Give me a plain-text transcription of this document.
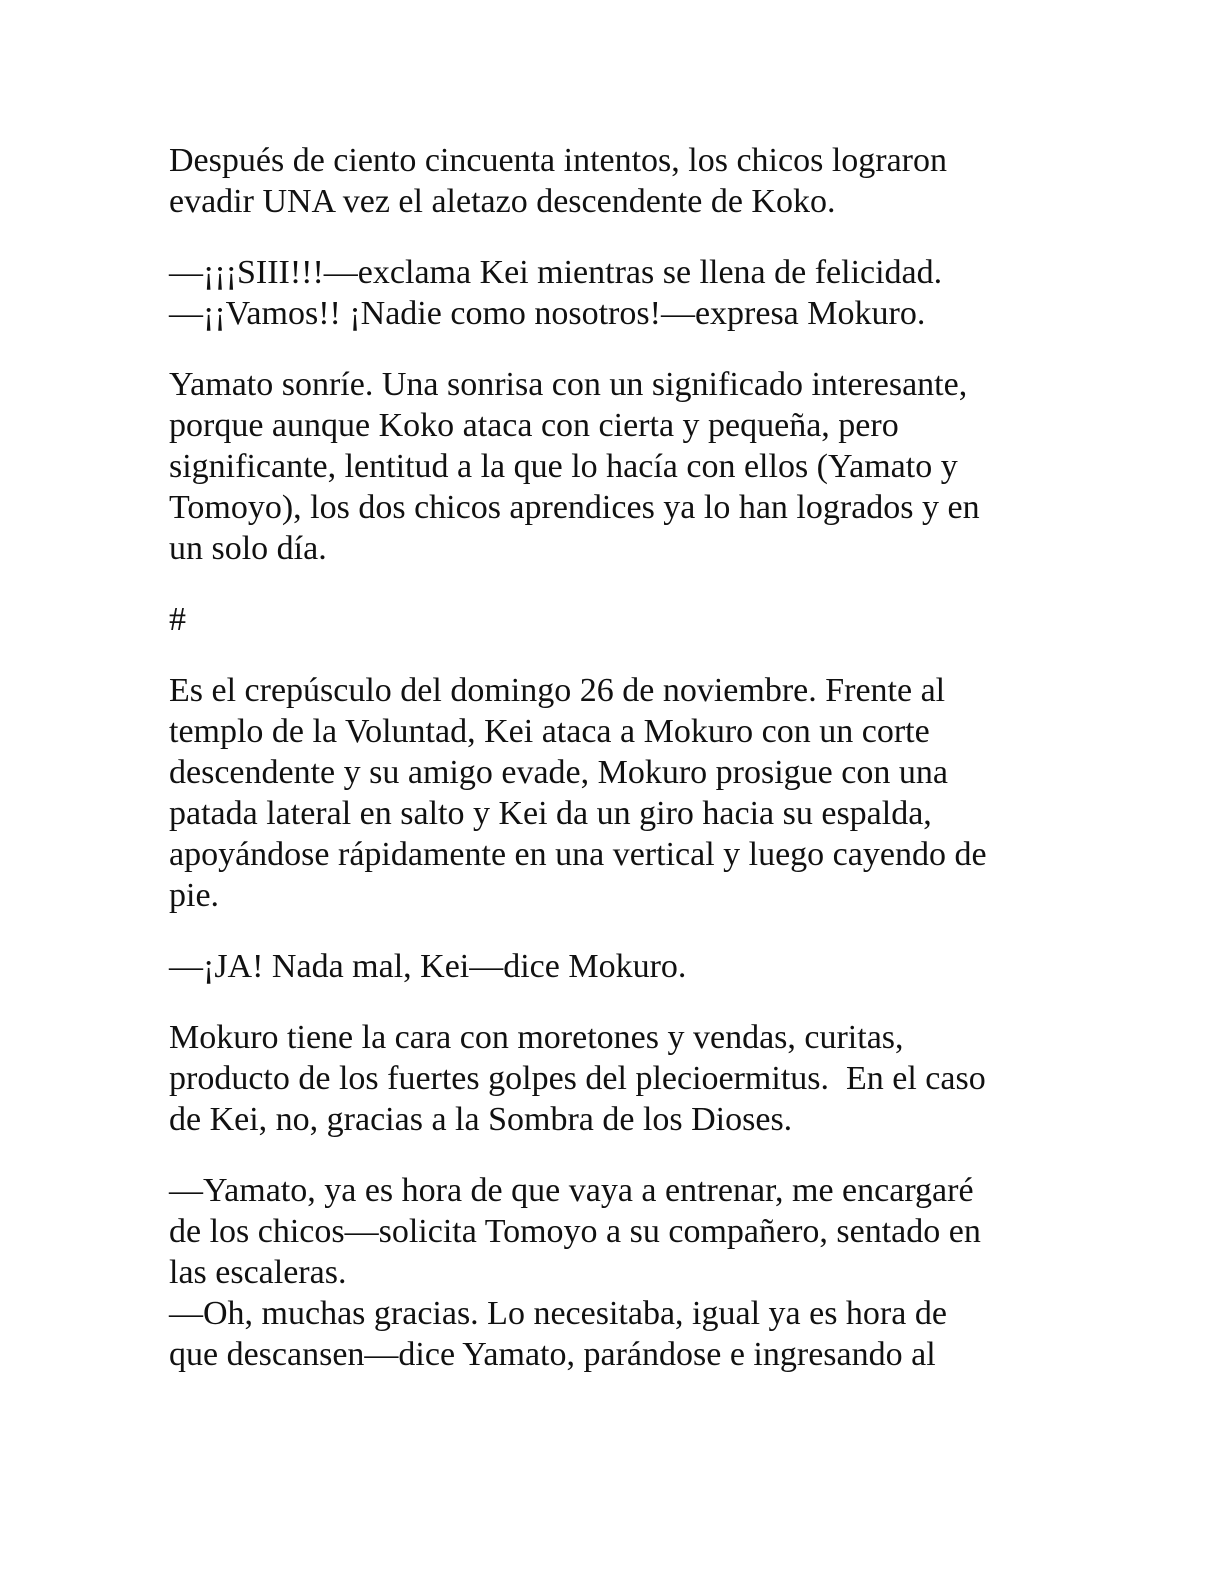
Después de ciento cincuenta intentos, los chicos lograron
evadir UNA vez el aletazo descendente de Koko.
—¡¡¡SIII!!!—exclama Kei mientras se llena de felicidad.
—¡¡Vamos!! ¡Nadie como nosotros!—expresa Mokuro.
Yamato sonríe. Una sonrisa con un significado interesante,
porque aunque Koko ataca con cierta y pequeña, pero
significante, lentitud a la que lo hacía con ellos (Yamato y
Tomoyo), los dos chicos aprendices ya lo han logrados y en
un solo día.
#
Es el crepúsculo del domingo 26 de noviembre. Frente al
templo de la Voluntad, Kei ataca a Mokuro con un corte
descendente y su amigo evade, Mokuro prosigue con una
patada lateral en salto y Kei da un giro hacia su espalda,
apoyándose rápidamente en una vertical y luego cayendo de
pie.
—¡JA! Nada mal, Kei—dice Mokuro.
Mokuro tiene la cara con moretones y vendas, curitas,
producto de los fuertes golpes del plecioermitus.  En el caso
de Kei, no, gracias a la Sombra de los Dioses.
—Yamato, ya es hora de que vaya a entrenar, me encargaré
de los chicos—solicita Tomoyo a su compañero, sentado en
las escaleras.
—Oh, muchas gracias. Lo necesitaba, igual ya es hora de
que descansen—dice Yamato, parándose e ingresando al
